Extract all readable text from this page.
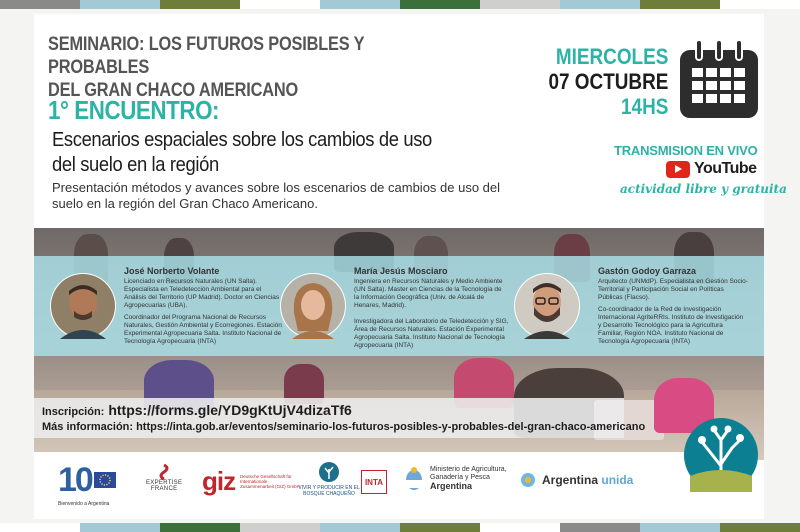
SEMINARIO: LOS FUTUROS POSIBLES Y PROBABLES
DEL GRAN CHACO AMERICANO
1° ENCUENTRO:
Escenarios espaciales sobre los cambios de uso
del suelo en la región
Presentación métodos y avances sobre los escenarios de cambios de uso del suelo en la región del Gran Chaco Americano.
MIERCOLES
07 OCTUBRE
14HS
TRANSMISION EN VIVO
YouTube
actividad libre y gratuita
José Norberto Volante
Licenciado en Recursos Naturales (UN Salta). Especialista en Teledetección Ambiental para el Análisis del Territorio (UP Madrid). Doctor en Ciencias Agropecuarias (UBA).
Coordinador del Programa Nacional de Recursos Naturales, Gestión Ambiental y Ecorregiones. Estación Experimental Agropecuaria Salta. Instituto Nacional de Tecnología Agropecuaria (INTA)
María Jesús Mosciaro
Ingeniera en Recursos Naturales y Medio Ambiente (UN Salta). Master en Ciencias de la Tecnología de la Información Geográfica (Univ. de Alcalá de Henares, Madrid).
Investigadora del Laboratorio de Teledetección y SIG, Área de Recursos Naturales. Estación Experimental Agropecuaria Salta. Instituto Nacional de Tecnología Agropecuaria (INTA)
Gastón Godoy Garraza
Arquitecto (UNMdP). Especialista en Gestión Socio-Territorial y Participación Social en Políticas Públicas (Flacso).
Co-coordinador de la Red de Investigación Internacional AgriteRRIs. Instituto de Investigación y Desarrollo Tecnológico para la Agricultura Familiar, Región NOA. Instituto Nacional de Tecnología Agropecuaria (INTA)
Inscripción: https://forms.gle/YD9gKtUjV4dizaTf6
Más información: https://inta.gob.ar/eventos/seminario-los-futuros-posibles-y-probables-del-gran-chaco-americano
10
Bienvenido a Argentina
EXPERTISE
FRANCE giz Deutsche Gesellschaft für Internationale Zusammenarbeit (GIZ) GmbH
VIVIR Y PRODUCIR EN EL BOSQUE CHAQUEÑO
INTA
Ministerio de Agricultura,
Ganadería y Pesca
Argentina	Argentina unida
